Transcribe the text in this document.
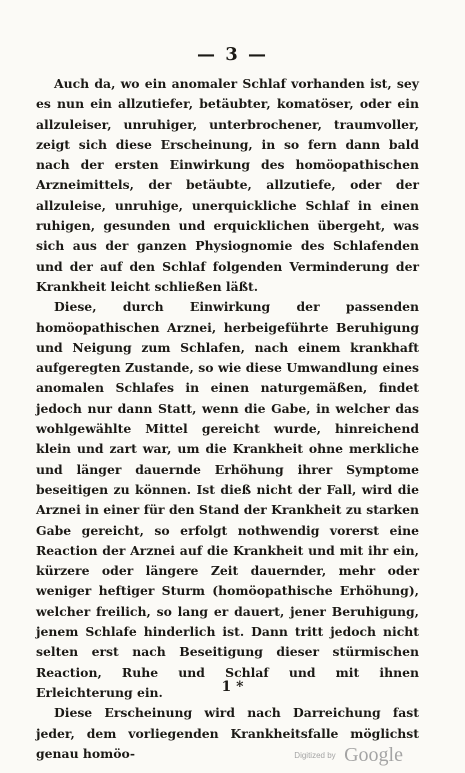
— 3 —

Auch da, wo ein anomaler Schlaf vorhanden ist, sey es nun ein allzutiefer, betäubter, komatöser, oder ein allzuleiser, unruhiger, unterbrochener, traumvoller, zeigt sich diese Erscheinung, in so fern dann bald nach der ersten Einwirkung des homöopathischen Arzneimittels, der betäubte, allzutiefe, oder der allzuleise, unruhige, unerquickliche Schlaf in einen ruhigen, gesunden und erquicklichen übergeht, was sich aus der ganzen Physiognomie des Schlafenden und der auf den Schlaf folgenden Verminderung der Krankheit leicht schließen läßt.

Diese, durch Einwirkung der passenden homöopathischen Arznei, herbeigeführte Beruhigung und Neigung zum Schlafen, nach einem krankhaft aufgeregten Zustande, so wie diese Umwandlung eines anomalen Schlafes in einen naturgemäßen, findet jedoch nur dann Statt, wenn die Gabe, in welcher das wohlgewählte Mittel gereicht wurde, hinreichend klein und zart war, um die Krankheit ohne merkliche und länger dauernde Erhöhung ihrer Symptome beseitigen zu können. Ist dieß nicht der Fall, wird die Arznei in einer für den Stand der Krankheit zu starken Gabe gereicht, so erfolgt nothwendig vorerst eine Reaction der Arznei auf die Krankheit und mit ihr ein, kürzere oder längere Zeit dauernder, mehr oder weniger heftiger Sturm (homöopathische Erhöhung), welcher freilich, so lang er dauert, jener Beruhigung, jenem Schlafe hinderlich ist. Dann tritt jedoch nicht selten erst nach Beseitigung dieser stürmischen Reaction, Ruhe und Schlaf und mit ihnen Erleichterung ein.

Diese Erscheinung wird nach Darreichung fast jeder, dem vorliegenden Krankheitsfalle möglichst genau homöo-

1 *
Digitized by Google
